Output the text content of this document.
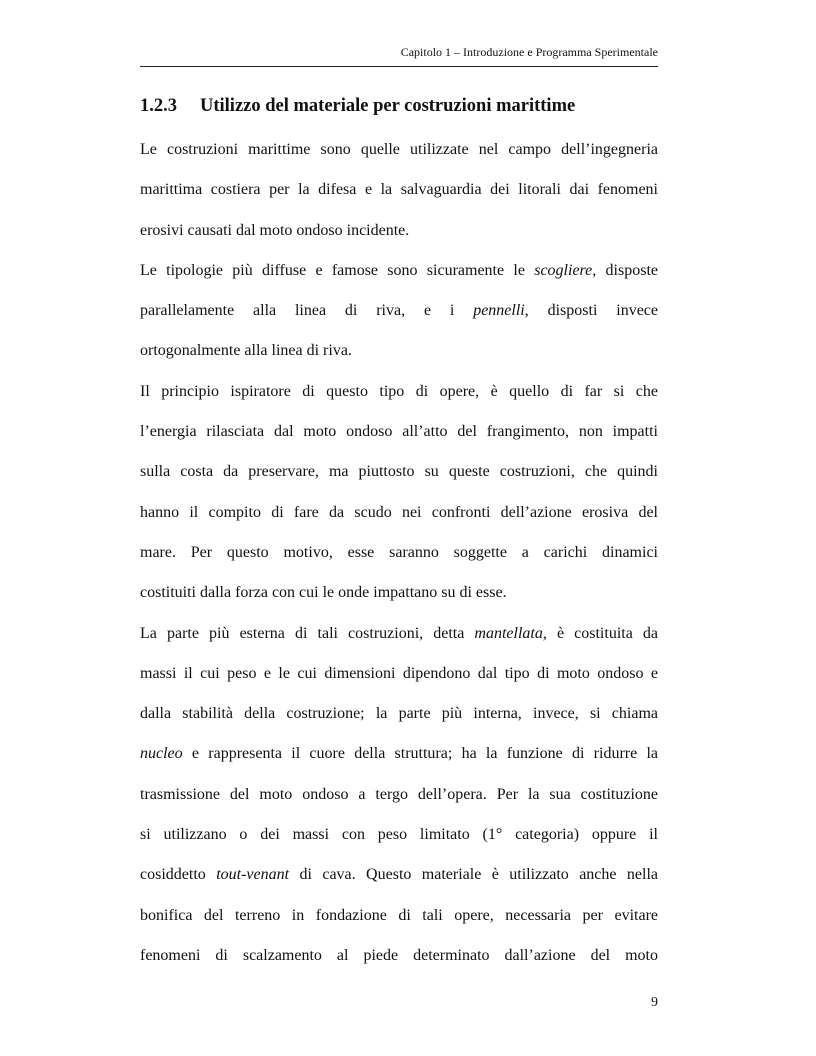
Capitolo 1 – Introduzione e Programma Sperimentale
1.2.3 Utilizzo del materiale per costruzioni marittime
Le costruzioni marittime sono quelle utilizzate nel campo dell’ingegneria
marittima costiera per la difesa e la salvaguardia dei litorali dai fenomeni
erosivi causati dal moto ondoso incidente.
Le tipologie più diffuse e famose sono sicuramente le scogliere, disposte
parallelamente alla linea di riva, e i pennelli, disposti invece
ortogonalmente alla linea di riva.
Il principio ispiratore di questo tipo di opere, è quello di far si che
l’energia rilasciata dal moto ondoso all’atto del frangimento, non impatti
sulla costa da preservare, ma piuttosto su queste costruzioni, che quindi
hanno il compito di fare da scudo nei confronti dell’azione erosiva del
mare. Per questo motivo, esse saranno soggette a carichi dinamici
costituiti dalla forza con cui le onde impattano su di esse.
La parte più esterna di tali costruzioni, detta mantellata, è costituita da
massi il cui peso e le cui dimensioni dipendono dal tipo di moto ondoso e
dalla stabilità della costruzione; la parte più interna, invece, si chiama
nucleo e rappresenta il cuore della struttura; ha la funzione di ridurre la
trasmissione del moto ondoso a tergo dell’opera. Per la sua costituzione
si utilizzano o dei massi con peso limitato (1° categoria) oppure il
cosiddetto tout-venant di cava. Questo materiale è utilizzato anche nella
bonifica del terreno in fondazione di tali opere, necessaria per evitare
fenomeni di scalzamento al piede determinato dall’azione del moto
9
